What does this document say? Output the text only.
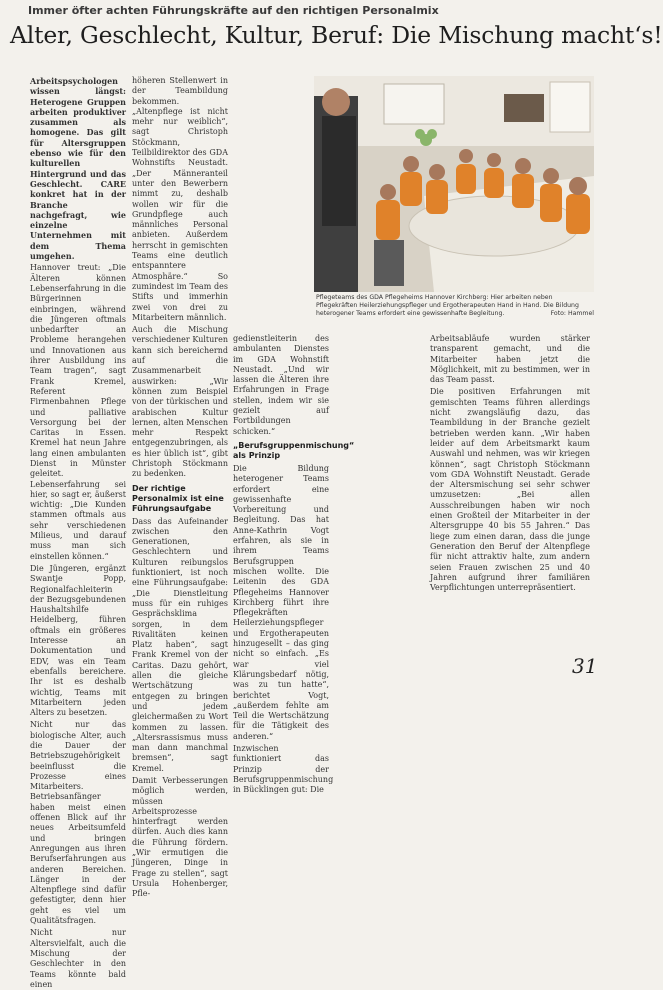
Immer öfter achten Führungskräfte auf den richtigen Personalmix
Alter, Geschlecht, Kultur, Beruf: Die Mischung macht‘s!

Arbeitspsychologen wissen längst: Heterogene Gruppen arbeiten produktiver zusammen als homogene. Das gilt für Altersgruppen ebenso wie für den kulturellen Hintergrund und das Geschlecht. CARE konkret hat in der Branche nachgefragt, wie einzelne Unternehmen mit dem Thema umgehen.

Hannover treut: „Die Älteren können Lebenserfahrung in die Bürgerinnen einbringen, während die Jüngeren oftmals unbedarfter an Probleme herangehen und Innovationen aus ihrer Ausbildung ins Team tragen“, sagt Frank Kremel, Referent Firmenbahnen Pflege und palliative Versorgung bei der Caritas in Essen. Kremel hat neun Jahre lang einen ambulanten Dienst in Münster geleitet. Lebenserfahrung sei hier, so sagt er, äußerst wichtig: „Die Kunden stammen oftmals aus sehr verschiedenen Milieus, und darauf muss man sich einstellen können.“

Die Jüngeren, ergänzt Swantje Popp, Regionalfachleiterin der Bezugsgebundenen Haushaltshilfe Heidelberg, führen oftmals ein größeres Interesse an Dokumentation und EDV, was ein Team ebenfalls bereichere. Ihr ist es deshalb wichtig, Teams mit Mitarbeitern jeden Alters zu besetzen.

Nicht nur das biologische Alter, auch die Dauer der Betriebszugehörigkeit beeinflusst die Prozesse eines Mitarbeiters. Betriebsanfänger haben meist einen offenen Blick auf ihr neues Arbeitsumfeld und bringen Anregungen aus ihren Berufserfahrungen aus anderen Bereichen. Länger in der Altenpflege sind dafür gefestigter, denn hier geht es viel um Qualitätsfragen.

Nicht nur Altersvielfalt, auch die Mischung der Geschlechter in den Teams könnte bald einen

höheren Stellenwert in der Teambildung bekommen. „Altenpflege ist nicht mehr nur weiblich“, sagt Christoph Stöckmann, Teilbildirektor des GDA Wohnstifts Neustadt. „Der Männeranteil unter den Bewerbern nimmt zu, deshalb wollen wir für die Grundpflege auch männliches Personal anbieten. Außerdem herrscht in gemischten Teams eine deutlich entspanntere Atmosphäre.“ So zumindest im Team des Stifts und immerhin zwei von drei zu Mitarbeitern männlich.

Auch die Mischung verschiedener Kulturen kann sich bereichernd auf die Zusammenarbeit auswirken: „Wir können zum Beispiel von der türkischen und arabischen Kultur lernen, alten Menschen mehr Respekt entgegenzubringen, als es hier üblich ist“, gibt Christoph Stöckmann zu bedenken.

Der richtige Personalmix ist eine Führungsaufgabe

Dass das Aufeinander zwischen den Generationen, Geschlechtern und Kulturen reibungslos funktioniert, ist noch eine Führungsaufgabe: „Die Dienstleitung muss für ein ruhiges Gesprächsklima sorgen, in dem Rivalitäten keinen Platz haben“, sagt Frank Kremel von der Caritas. Dazu gehört, allen die gleiche Wertschätzung entgegen zu bringen und jedem gleichermaßen zu Wort kommen zu lassen. „Altersrassismus muss man dann manchmal bremsen“, sagt Kremel.

Damit Verbesserungen möglich werden, müssen Arbeitsprozesse hinterfragt werden dürfen. Auch dies kann die Führung fördern. „Wir ermutigen die Jüngeren, Dinge in Frage zu stellen“, sagt Ursula Hohenberger, Pfle-

Pflegeteams des GDA Pflegeheims Hannover Kirchberg: Hier arbeiten neben Pflegekräften Heilerziehungspfleger und Ergotherapeuten Hand in Hand. Die Bildung heterogener Teams erfordert eine gewissenhafte Begleitung.	Foto: Hammel

gedienstleiterin des ambulanten Dienstes im GDA Wohnstift Neustadt. „Und wir lassen die Älteren ihre Erfahrungen in Frage stellen, indem wir sie gezielt auf Fortbildungen schicken.“

„Berufsgruppenmischung“ als Prinzip

Die Bildung heterogener Teams erfordert eine gewissenhafte Vorbereitung und Begleitung. Das hat Anne-Kathrin Vogt erfahren, als sie in ihrem Teams Berufsgruppen mischen wollte. Die Leitenin des GDA Pflegeheims Hannover Kirchberg führt ihre Pflegekräften Heilerziehungspfleger und Ergotherapeuten hinzugesellt – das ging nicht so einfach. „Es war viel Klärungsbedarf nötig, was zu tun hatte“, berichtet Vogt, „außerdem fehlte am Teil die Wertschätzung für die Tätigkeit des anderen.“

Inzwischen funktioniert das Prinzip der Berufsgruppenmischung in Bücklingen gut: Die

Arbeitsabläufe wurden stärker transparent gemacht, und die Mitarbeiter haben jetzt die Möglichkeit, mit zu bestimmen, wer in das Team passt.

Die positiven Erfahrungen mit gemischten Teams führen allerdings nicht zwangsläufig dazu, das Teambildung in der Branche gezielt betrieben werden kann. „Wir haben leider auf dem Arbeitsmarkt kaum Auswahl und nehmen, was wir kriegen können“, sagt Christoph Stöckmann vom GDA Wohnstift Neustadt. Gerade der Altersmischung sei sehr schwer umzusetzen: „Bei allen Ausschreibungen haben wir noch einen Großteil der Mitarbeiter in der Altersgruppe 40 bis 55 Jahren.“ Das liege zum einen daran, dass die junge Generation den Beruf der Altenpflege für nicht attraktiv halte, zum andern seien Frauen zwischen 25 und 40 Jahren aufgrund ihrer familiären Verpflichtungen unterrepräsentiert.

31
